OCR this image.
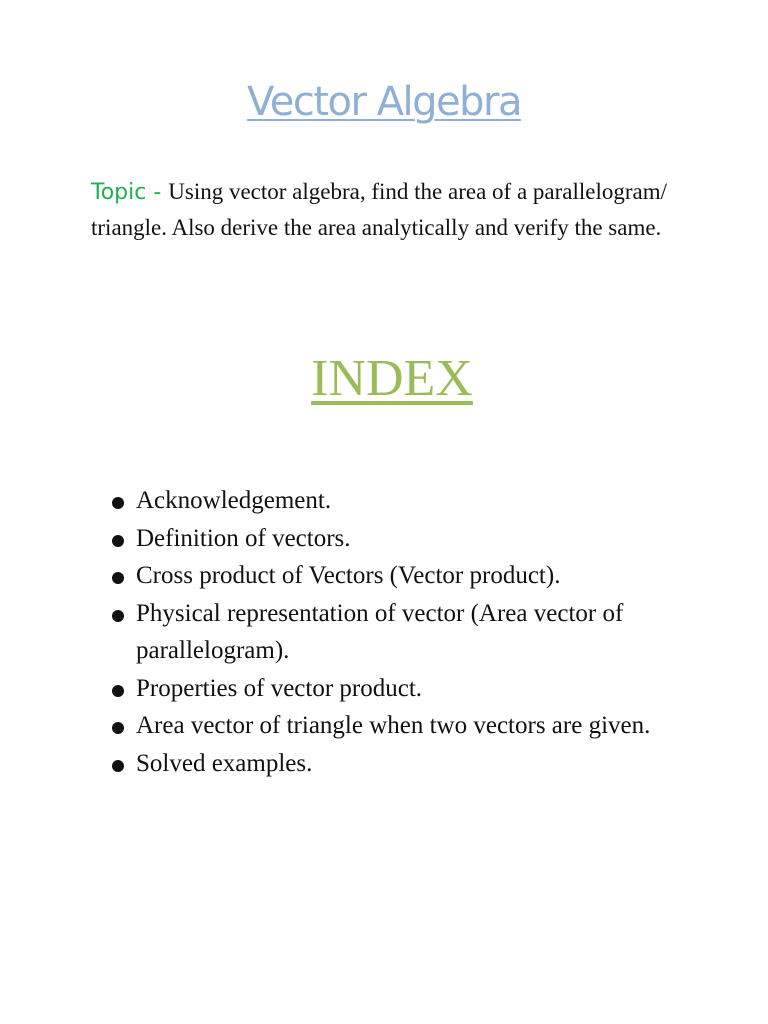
Vector Algebra

Topic - Using vector algebra, find the area of a parallelogram/ triangle. Also derive the area analytically and verify the same.

INDEX
Acknowledgement.
Definition of vectors.
Cross product of Vectors (Vector product).
Physical representation of vector (Area vector of parallelogram).
Properties of vector product.
Area vector of triangle when two vectors are given.
Solved examples.
